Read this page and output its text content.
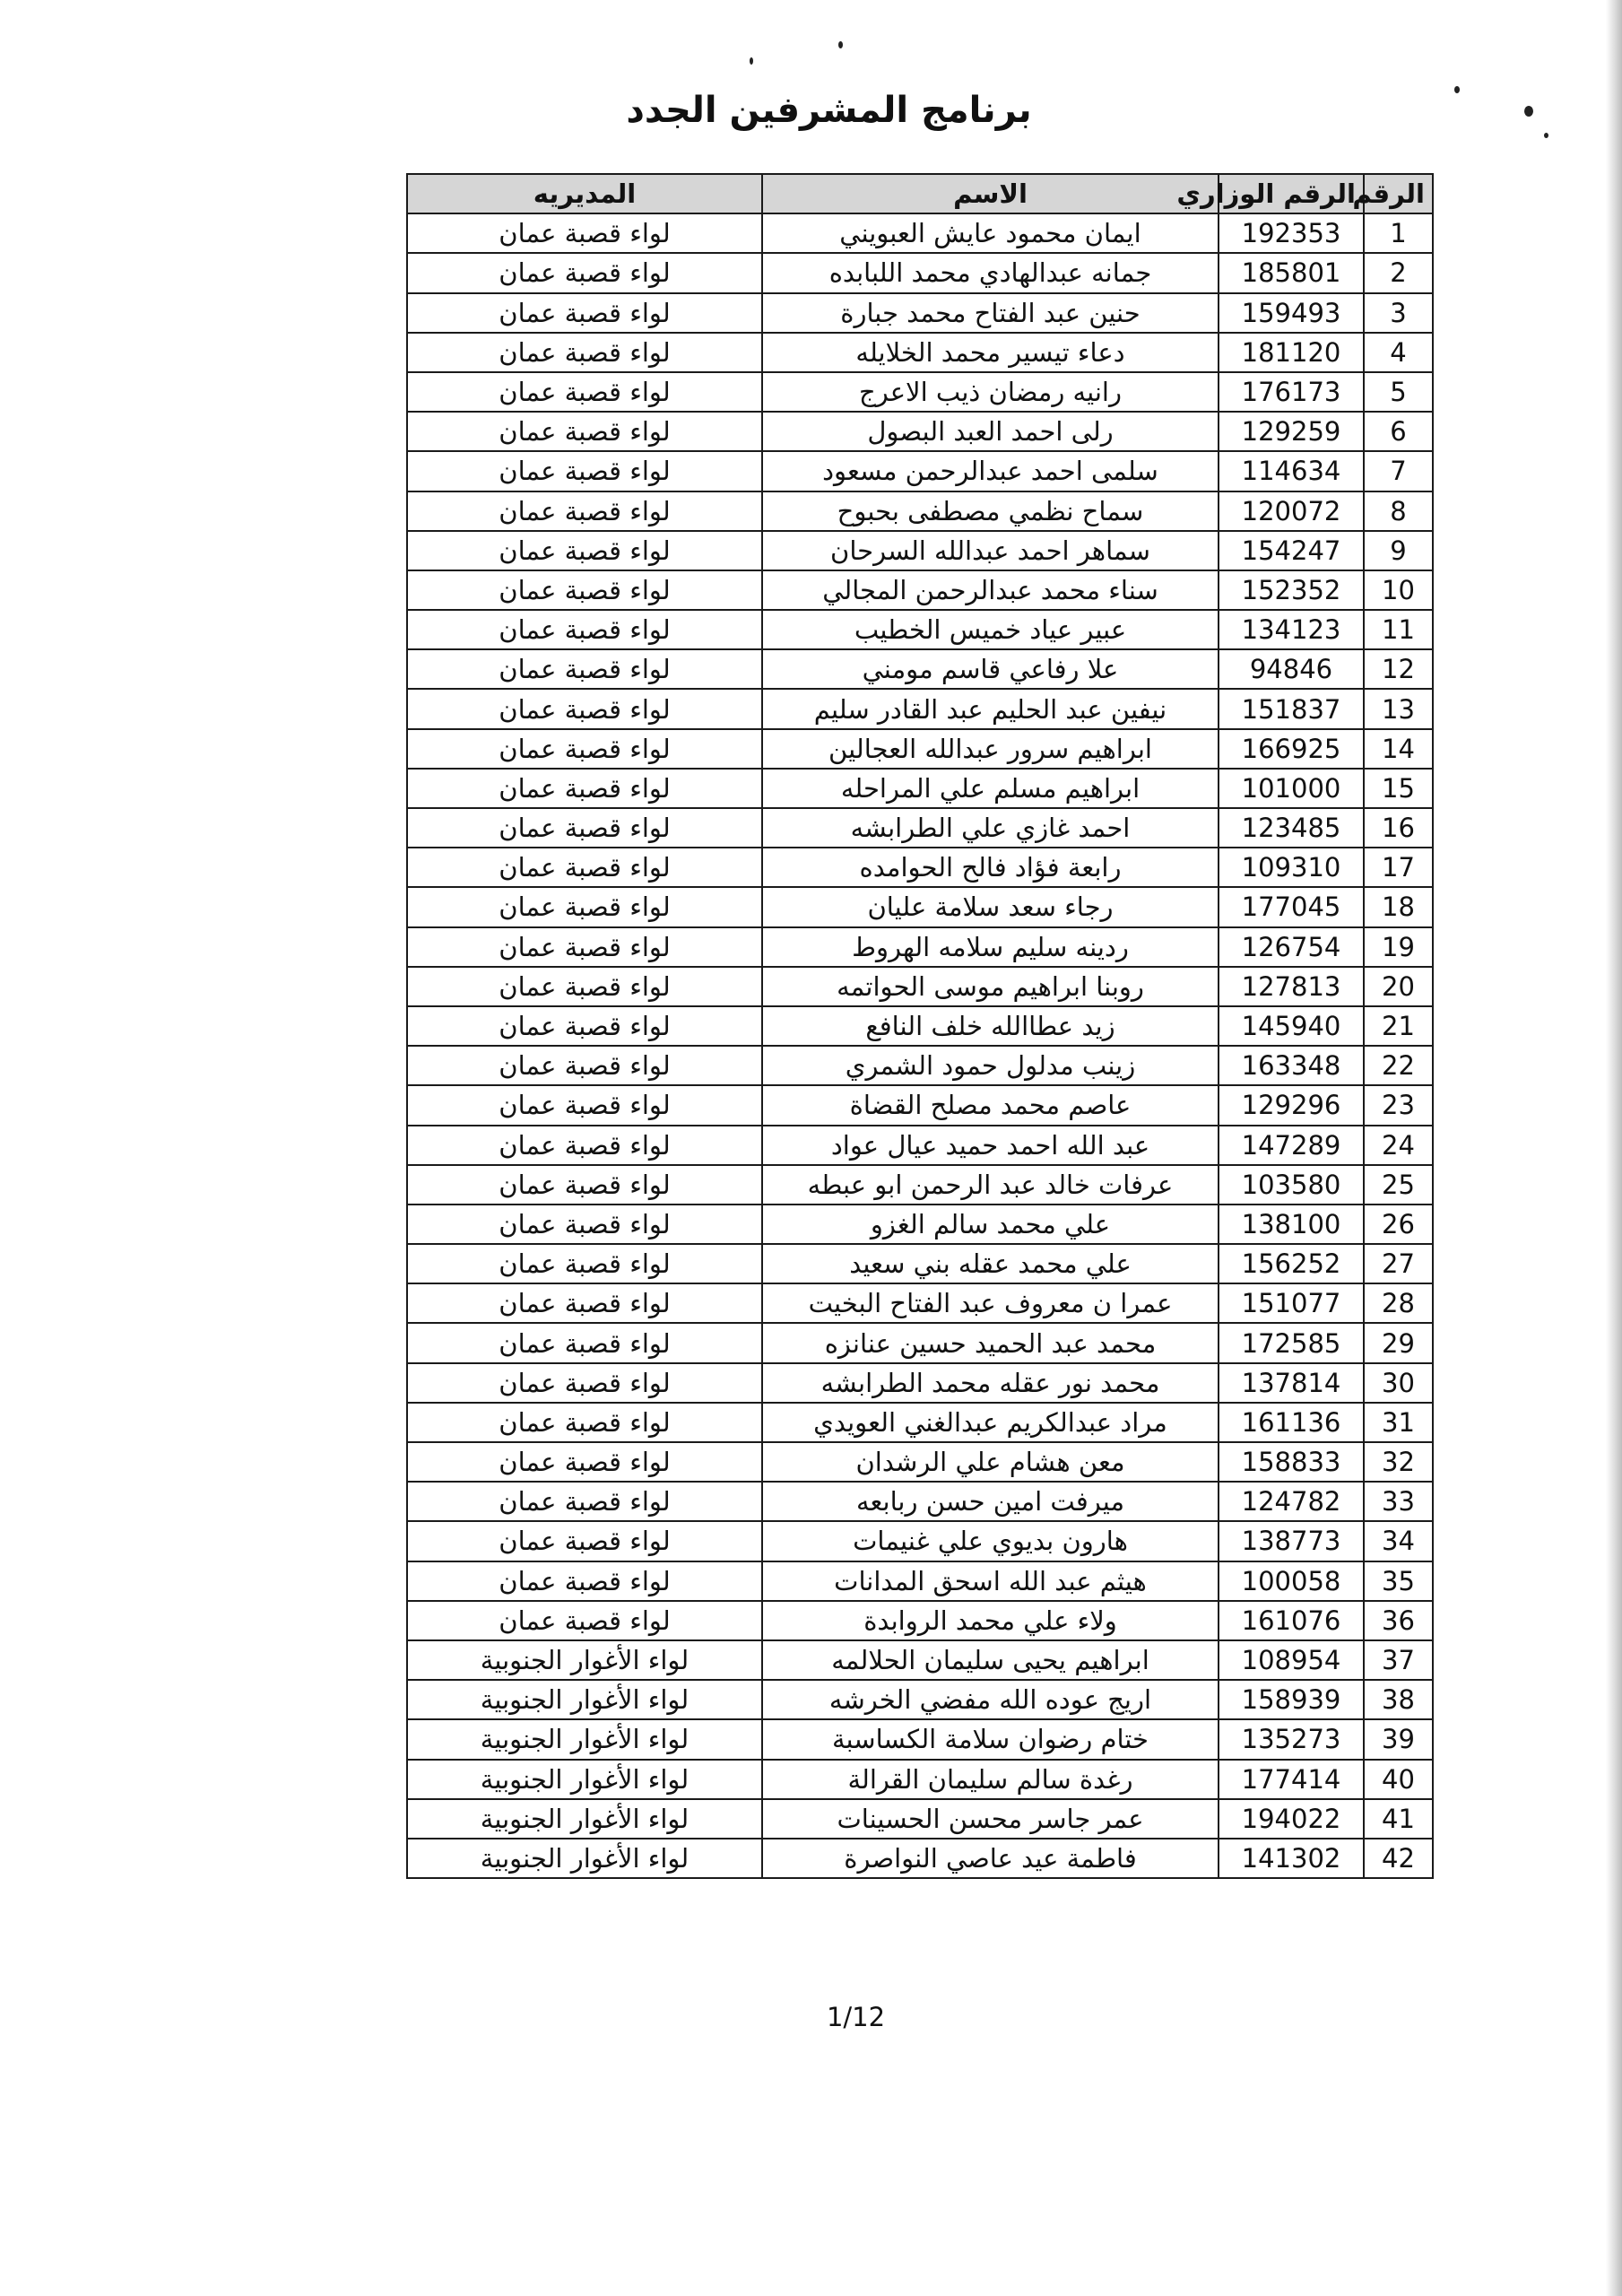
برنامج المشرفين الجدد
الرقم	الرقم الوزاري	الاسم	المديريه
1	192353	ايمان محمود عايش العبويني	لواء قصبة عمان
2	185801	جمانه عبدالهادي محمد اللبابده	لواء قصبة عمان
3	159493	حنين عبد الفتاح محمد جبارة	لواء قصبة عمان
4	181120	دعاء تيسير محمد الخلايله	لواء قصبة عمان
5	176173	رانيه رمضان ذيب الاعرج	لواء قصبة عمان
6	129259	رلى احمد العبد البصول	لواء قصبة عمان
7	114634	سلمى احمد عبدالرحمن مسعود	لواء قصبة عمان
8	120072	سماح نظمي مصطفى بحبوح	لواء قصبة عمان
9	154247	سماهر احمد عبدالله السرحان	لواء قصبة عمان
10	152352	سناء محمد عبدالرحمن المجالي	لواء قصبة عمان
11	134123	عبير عياد خميس الخطيب	لواء قصبة عمان
12	94846	علا رفاعي قاسم مومني	لواء قصبة عمان
13	151837	نيفين عبد الحليم عبد القادر سليم	لواء قصبة عمان
14	166925	ابراهيم سرور عبدالله العجالين	لواء قصبة عمان
15	101000	ابراهيم مسلم علي المراحله	لواء قصبة عمان
16	123485	احمد غازي علي الطرابشه	لواء قصبة عمان
17	109310	رابعة فؤاد فالح الحوامده	لواء قصبة عمان
18	177045	رجاء سعد سلامة عليان	لواء قصبة عمان
19	126754	ردينه سليم سلامه الهروط	لواء قصبة عمان
20	127813	روبنا ابراهيم موسى الحواتمه	لواء قصبة عمان
21	145940	زيد عطاالله خلف النافع	لواء قصبة عمان
22	163348	زينب مدلول حمود الشمري	لواء قصبة عمان
23	129296	عاصم محمد مصلح القضاة	لواء قصبة عمان
24	147289	عبد الله احمد حميد عيال عواد	لواء قصبة عمان
25	103580	عرفات خالد عبد الرحمن ابو عبطه	لواء قصبة عمان
26	138100	علي محمد سالم الغزو	لواء قصبة عمان
27	156252	علي محمد عقله بني سعيد	لواء قصبة عمان
28	151077	عمرا ن معروف عبد الفتاح البخيت	لواء قصبة عمان
29	172585	محمد عبد الحميد حسين عنانزه	لواء قصبة عمان
30	137814	محمد نور عقله محمد الطرابشه	لواء قصبة عمان
31	161136	مراد عبدالكريم عبدالغني العويدي	لواء قصبة عمان
32	158833	معن هشام علي الرشدان	لواء قصبة عمان
33	124782	ميرفت امين حسن ربابعه	لواء قصبة عمان
34	138773	هارون بديوي علي غنيمات	لواء قصبة عمان
35	100058	هيثم عبد الله اسحق المدانات	لواء قصبة عمان
36	161076	ولاء علي محمد الروابدة	لواء قصبة عمان
37	108954	ابراهيم يحيى سليمان الحلالمه	لواء الأغوار الجنوبية
38	158939	اريج عوده الله مفضي الخرشه	لواء الأغوار الجنوبية
39	135273	ختام رضوان سلامة الكساسبة	لواء الأغوار الجنوبية
40	177414	رغدة سالم سليمان القرالة	لواء الأغوار الجنوبية
41	194022	عمر جاسر محسن الحسينات	لواء الأغوار الجنوبية
42	141302	فاطمة عيد عاصي النواصرة	لواء الأغوار الجنوبية
1/12
